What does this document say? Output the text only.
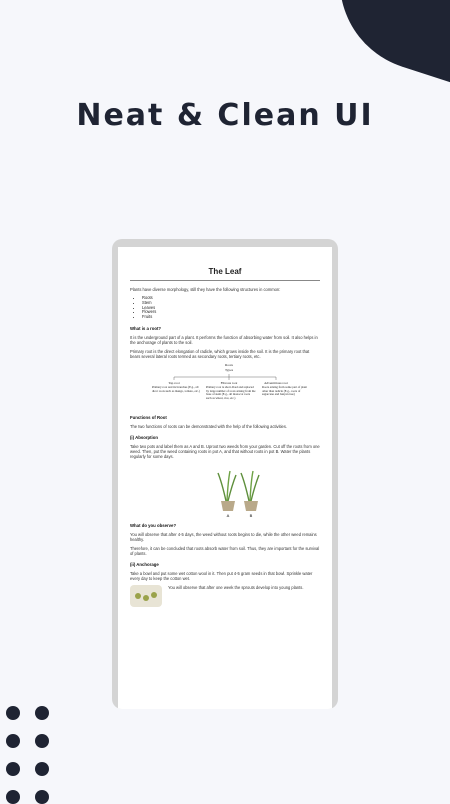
Neat & Clean UI
The Leaf

Plants have diverse morphology, still they have the following structures in common:

• Roots
• Stem
• Leaves
• Flowers
• Fruits
What is a root?

It is the underground part of a plant. It performs the function of absorbing water from soil. It also helps in the anchorage of plants to the soil.

Primary root is the direct elongation of radicle, which grows inside the soil. It is the primary root that bears several lateral roots termed as secondary roots, tertiary roots, etc.

Roots
Types
Tap root	Fibrous root	Adventitious root
Primary root and its branches (E.g., all dicot roots such as mango, tomato, etc.)
Primary root is short-lived and replaced by large number of roots arising from the base of stem (E.g., all monocot roots such as wheat, rice, etc.)
Roots arising from some part of plant other than radicle (E.g., roots of sugarcane and banyan tree)
Functions of Root

The two functions of roots can be demonstrated with the help of the following activities.

(i) Absorption

Take two pots and label them as A and B. Uproot two weeds from your garden. Cut off the roots from one weed. Then, put the weed containing roots in pot A, and that without roots in pot B. Water the plants regularly for some days.

A	B
What do you observe?

You will observe that after 4-5 days, the weed without roots begins to die, while the other weed remains healthy.

Therefore, it can be concluded that roots absorb water from soil. Thus, they are important for the survival of plants.

(ii) Anchorage

Take a bowl and put some wet cotton wool in it. Then put 4-5 gram seeds in that bowl. Sprinkle water every day to keep the cotton wet.

You will observe that after one week the sprouts develop into young plants.
